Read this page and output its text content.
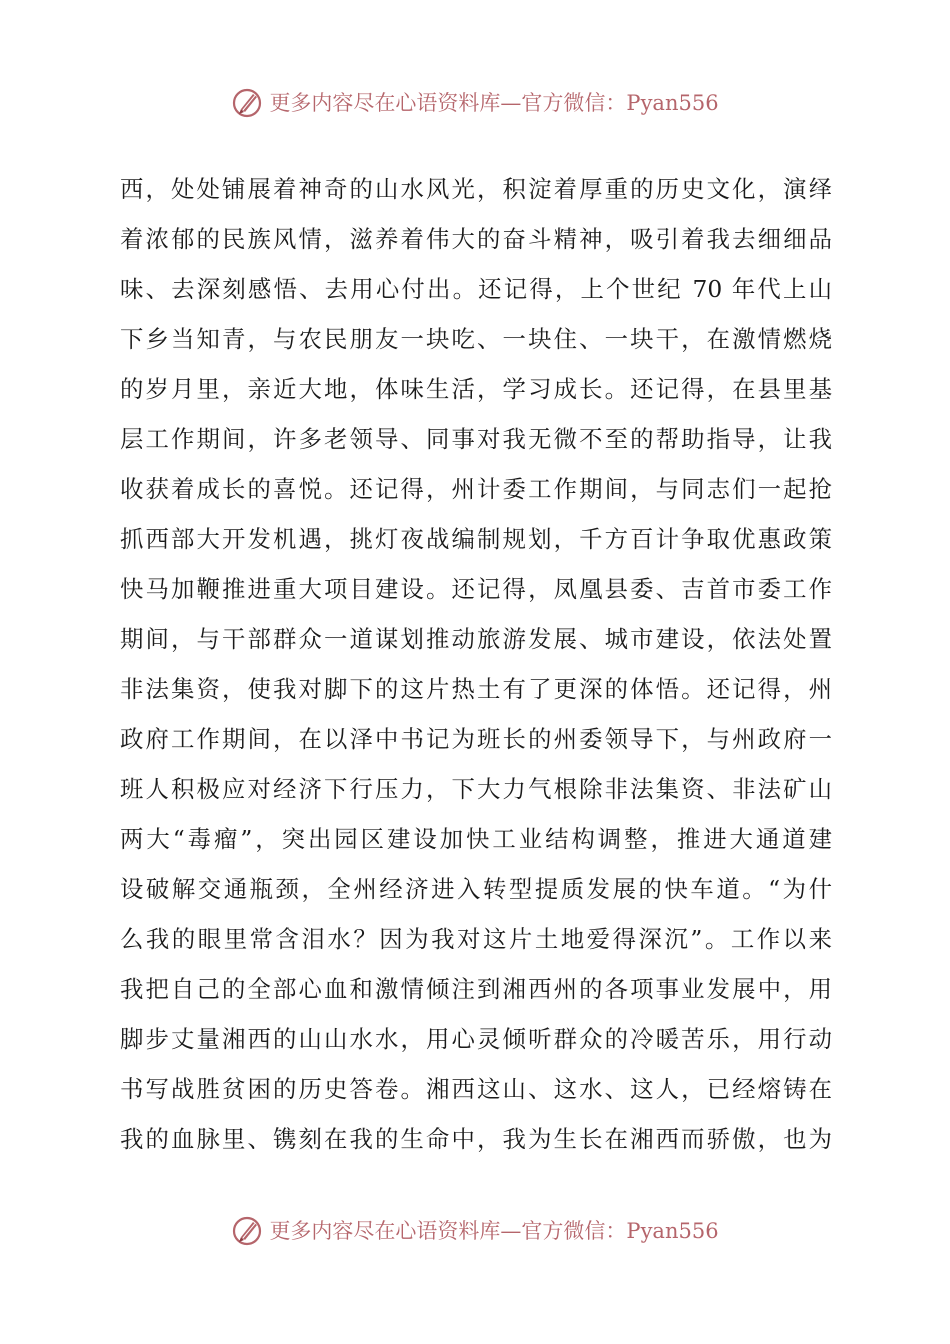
更多内容尽在心语资料库—官方微信：Pyan556
西，处处铺展着神奇的山水风光，积淀着厚重的历史文化，演绎
着浓郁的民族风情，滋养着伟大的奋斗精神，吸引着我去细细品
味、去深刻感悟、去用心付出。还记得，上个世纪 70 年代上山
下乡当知青，与农民朋友一块吃、一块住、一块干，在激情燃烧
的岁月里，亲近大地，体味生活，学习成长。还记得，在县里基
层工作期间，许多老领导、同事对我无微不至的帮助指导，让我
收获着成长的喜悦。还记得，州计委工作期间，与同志们一起抢
抓西部大开发机遇，挑灯夜战编制规划，千方百计争取优惠政策
快马加鞭推进重大项目建设。还记得，凤凰县委、吉首市委工作
期间，与干部群众一道谋划推动旅游发展、城市建设，依法处置
非法集资，使我对脚下的这片热土有了更深的体悟。还记得，州
政府工作期间，在以泽中书记为班长的州委领导下，与州政府一
班人积极应对经济下行压力，下大力气根除非法集资、非法矿山
两大“毒瘤”，突出园区建设加快工业结构调整，推进大通道建
设破解交通瓶颈，全州经济进入转型提质发展的快车道。“为什
么我的眼里常含泪水？因为我对这片土地爱得深沉”。工作以来
我把自己的全部心血和激情倾注到湘西州的各项事业发展中，用
脚步丈量湘西的山山水水，用心灵倾听群众的冷暖苦乐，用行动
书写战胜贫困的历史答卷。湘西这山、这水、这人，已经熔铸在
我的血脉里、镌刻在我的生命中，我为生长在湘西而骄傲，也为
更多内容尽在心语资料库—官方微信：Pyan556
